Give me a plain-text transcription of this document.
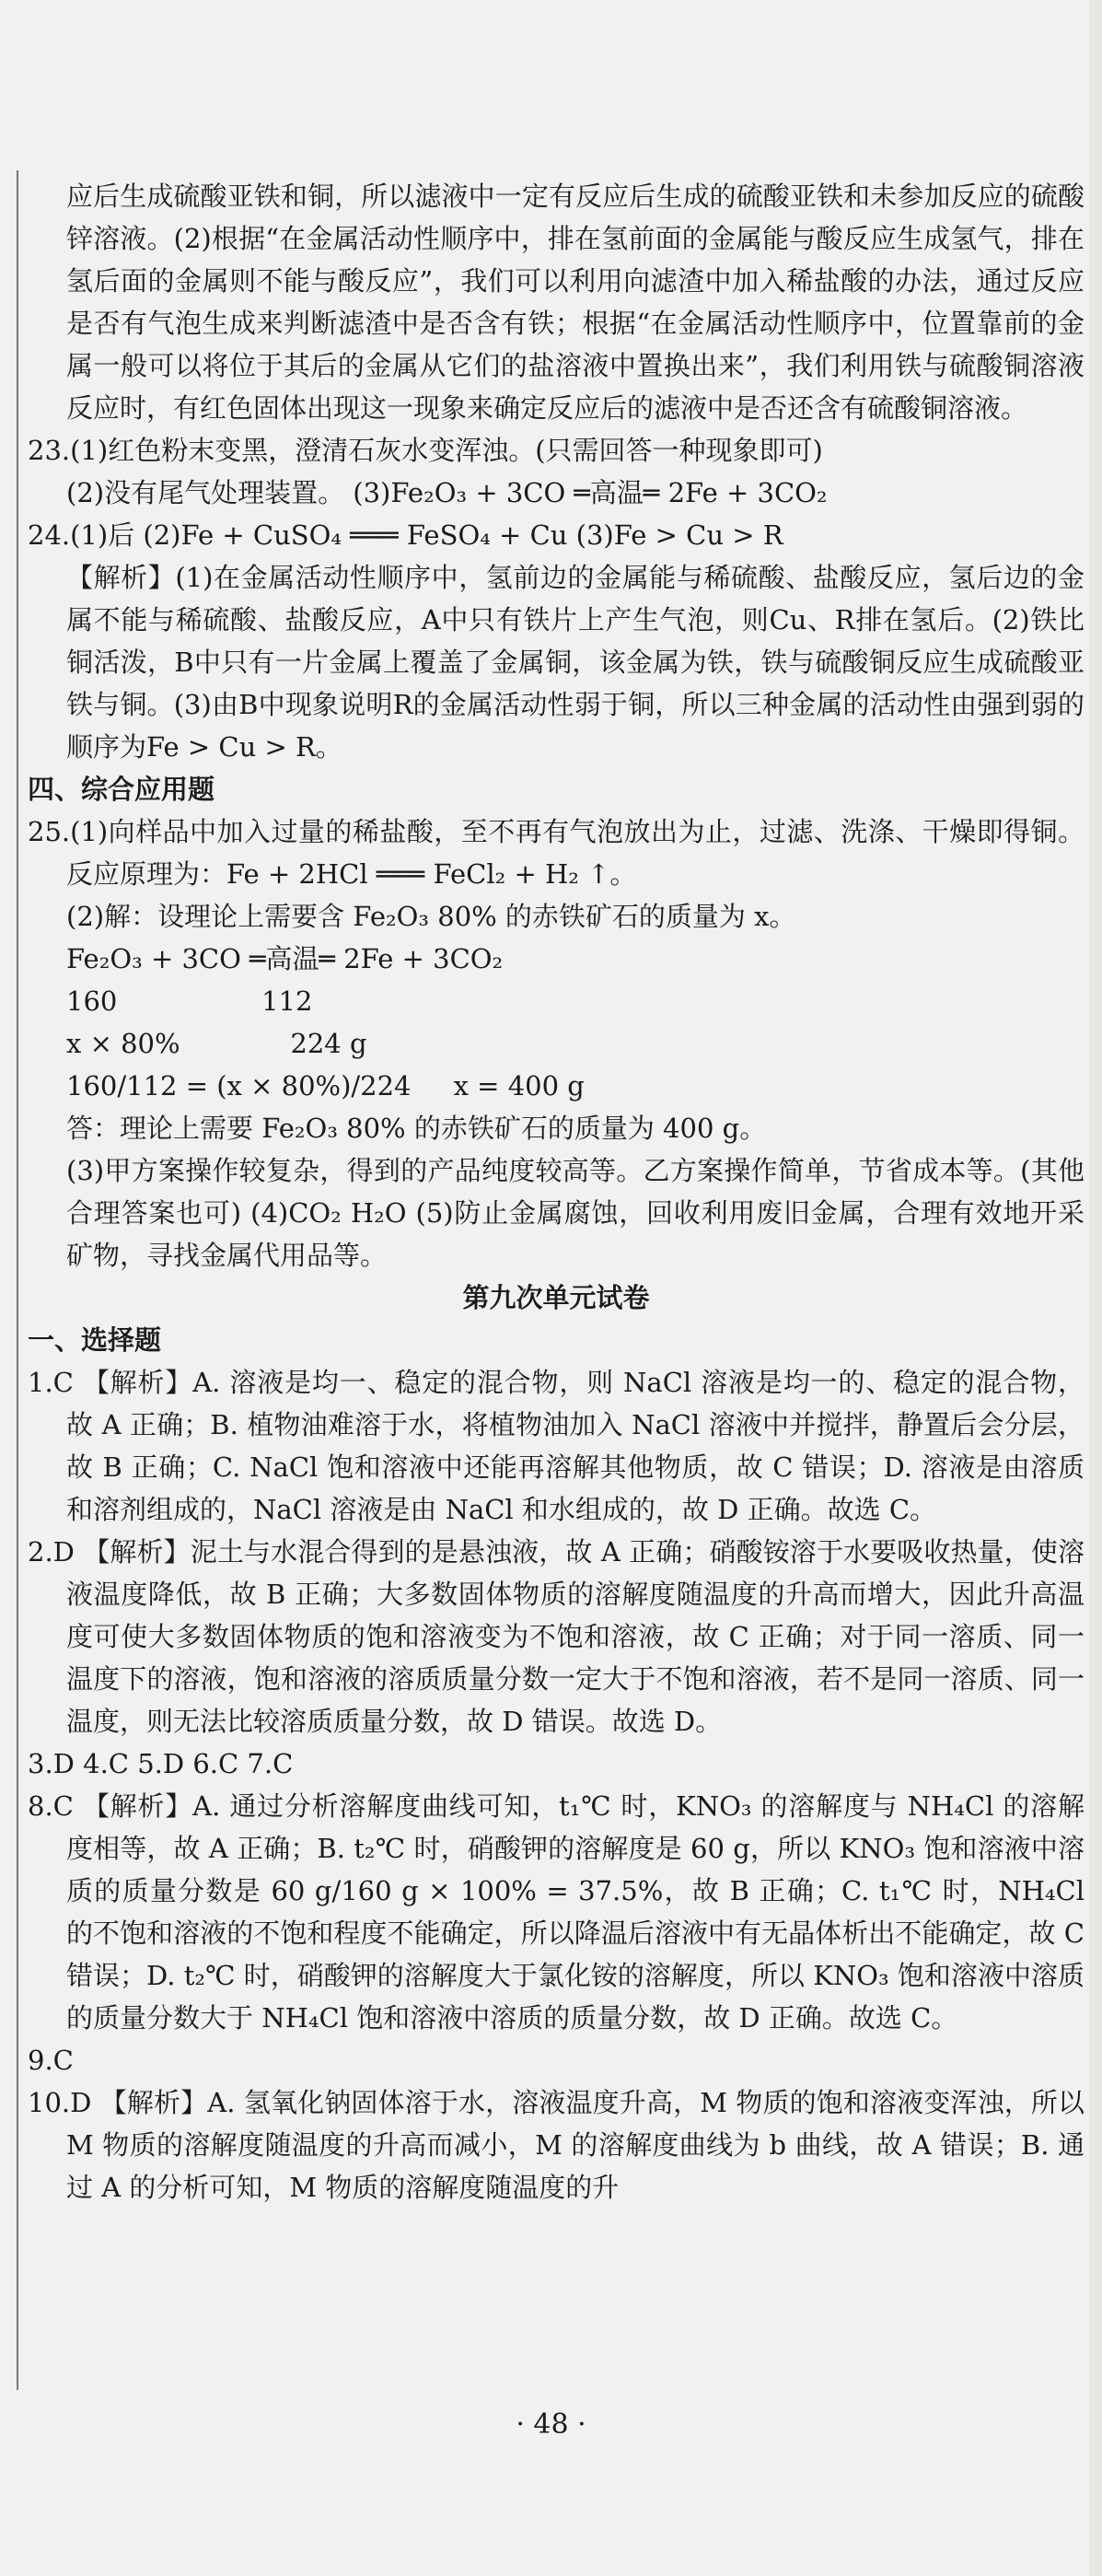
应后生成硫酸亚铁和铜，所以滤液中一定有反应后生成的硫酸亚铁和未参加反应的硫酸锌溶液。(2)根据“在金属活动性顺序中，排在氢前面的金属能与酸反应生成氢气，排在氢后面的金属则不能与酸反应”，我们可以利用向滤渣中加入稀盐酸的办法，通过反应是否有气泡生成来判断滤渣中是否含有铁；根据“在金属活动性顺序中，位置靠前的金属一般可以将位于其后的金属从它们的盐溶液中置换出来”，我们利用铁与硫酸铜溶液反应时，有红色固体出现这一现象来确定反应后的滤液中是否还含有硫酸铜溶液。

23.(1)红色粉末变黑，澄清石灰水变浑浊。(只需回答一种现象即可)

(2)没有尾气处理装置。 (3)Fe₂O₃ + 3CO ═高温═ 2Fe + 3CO₂

24.(1)后 (2)Fe + CuSO₄ ═══ FeSO₄ + Cu (3)Fe > Cu > R

【解析】(1)在金属活动性顺序中，氢前边的金属能与稀硫酸、盐酸反应，氢后边的金属不能与稀硫酸、盐酸反应，A中只有铁片上产生气泡，则Cu、R排在氢后。(2)铁比铜活泼，B中只有一片金属上覆盖了金属铜，该金属为铁，铁与硫酸铜反应生成硫酸亚铁与铜。(3)由B中现象说明R的金属活动性弱于铜，所以三种金属的活动性由强到弱的顺序为Fe > Cu > R。

四、综合应用题

25.(1)向样品中加入过量的稀盐酸，至不再有气泡放出为止，过滤、洗涤、干燥即得铜。反应原理为：Fe + 2HCl ═══ FeCl₂ + H₂ ↑。

(2)解：设理论上需要含 Fe₂O₃ 80% 的赤铁矿石的质量为 x。

Fe₂O₃ + 3CO ═高温═ 2Fe + 3CO₂

160                 112

x × 80%             224 g

160/112 = (x × 80%)/224     x = 400 g

答：理论上需要 Fe₂O₃ 80% 的赤铁矿石的质量为 400 g。

(3)甲方案操作较复杂，得到的产品纯度较高等。乙方案操作简单，节省成本等。(其他合理答案也可) (4)CO₂ H₂O (5)防止金属腐蚀，回收利用废旧金属，合理有效地开采矿物，寻找金属代用品等。

第九次单元试卷

一、选择题

1.C 【解析】A. 溶液是均一、稳定的混合物，则 NaCl 溶液是均一的、稳定的混合物，故 A 正确；B. 植物油难溶于水，将植物油加入 NaCl 溶液中并搅拌，静置后会分层，故 B 正确；C. NaCl 饱和溶液中还能再溶解其他物质，故 C 错误；D. 溶液是由溶质和溶剂组成的，NaCl 溶液是由 NaCl 和水组成的，故 D 正确。故选 C。

2.D 【解析】泥土与水混合得到的是悬浊液，故 A 正确；硝酸铵溶于水要吸收热量，使溶液温度降低，故 B 正确；大多数固体物质的溶解度随温度的升高而增大，因此升高温度可使大多数固体物质的饱和溶液变为不饱和溶液，故 C 正确；对于同一溶质、同一温度下的溶液，饱和溶液的溶质质量分数一定大于不饱和溶液，若不是同一溶质、同一温度，则无法比较溶质质量分数，故 D 错误。故选 D。

3.D 4.C 5.D 6.C 7.C

8.C 【解析】A. 通过分析溶解度曲线可知，t₁℃ 时，KNO₃ 的溶解度与 NH₄Cl 的溶解度相等，故 A 正确；B. t₂℃ 时，硝酸钾的溶解度是 60 g，所以 KNO₃ 饱和溶液中溶质的质量分数是 60 g/160 g × 100% = 37.5%，故 B 正确；C. t₁℃ 时，NH₄Cl 的不饱和溶液的不饱和程度不能确定，所以降温后溶液中有无晶体析出不能确定，故 C 错误；D. t₂℃ 时，硝酸钾的溶解度大于氯化铵的溶解度，所以 KNO₃ 饱和溶液中溶质的质量分数大于 NH₄Cl 饱和溶液中溶质的质量分数，故 D 正确。故选 C。

9.C

10.D 【解析】A. 氢氧化钠固体溶于水，溶液温度升高，M 物质的饱和溶液变浑浊，所以 M 物质的溶解度随温度的升高而减小，M 的溶解度曲线为 b 曲线，故 A 错误；B. 通过 A 的分析可知，M 物质的溶解度随温度的升

· 48 ·
